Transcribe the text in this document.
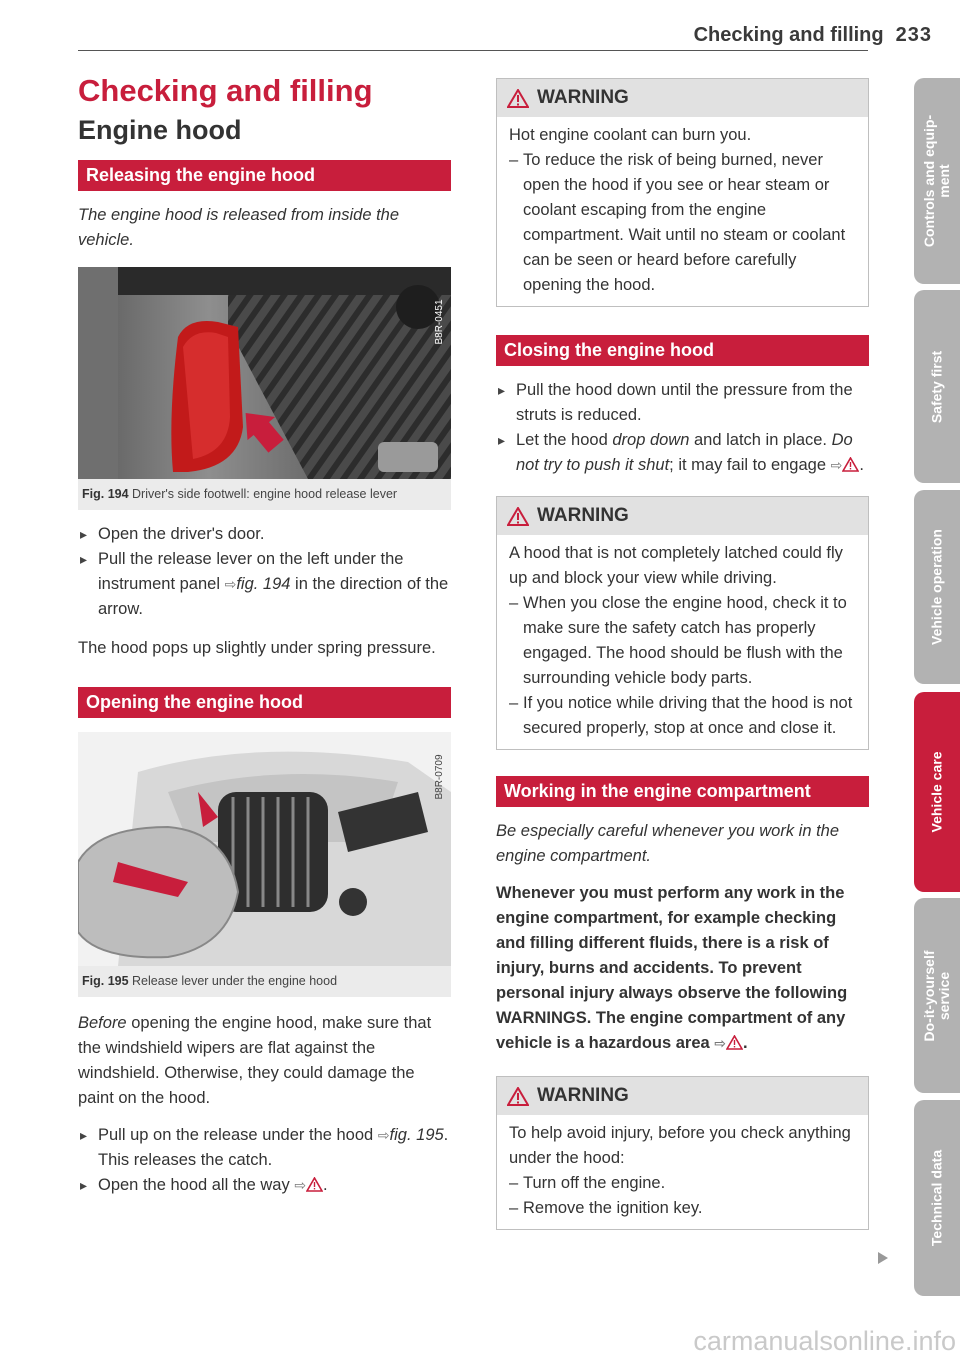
Checking and filling 233
Checking and filling
Engine hood
Releasing the engine hood
The engine hood is released from inside the vehicle.
B8R-0451
Fig. 194 Driver's side footwell: engine hood release lever
▸ Open the driver's door.
▸ Pull the release lever on the left under the instrument panel ⇨fig. 194 in the direction of the arrow.
The hood pops up slightly under spring pressure.
Opening the engine hood
B8R-0709
Fig. 195 Release lever under the engine hood
Before opening the engine hood, make sure that the windshield wipers are flat against the windshield. Otherwise, they could damage the paint on the hood.
▸ Pull up on the release under the hood ⇨fig. 195. This releases the catch.
▸ Open the hood all the way ⇨ .
WARNING
Hot engine coolant can burn you.
– To reduce the risk of being burned, never open the hood if you see or hear steam or coolant escaping from the engine compartment. Wait until no steam or coolant can be seen or heard before carefully opening the hood.
Closing the engine hood
▸ Pull the hood down until the pressure from the struts is reduced.
▸ Let the hood drop down and latch in place. Do not try to push it shut; it may fail to engage ⇨ .
WARNING
A hood that is not completely latched could fly up and block your view while driving.
– When you close the engine hood, check it to make sure the safety catch has properly engaged. The hood should be flush with the surrounding vehicle body parts.
– If you notice while driving that the hood is not secured properly, stop at once and close it.
Working in the engine compartment
Be especially careful whenever you work in the engine compartment.
Whenever you must perform any work in the engine compartment, for example checking and filling different fluids, there is a risk of injury, burns and accidents. To prevent personal injury always observe the following WARNINGS. The engine compartment of any vehicle is a hazardous area ⇨ .
WARNING
To help avoid injury, before you check anything under the hood:
– Turn off the engine.
– Remove the ignition key.
Controls and equip-
ment
Safety first
Vehicle operation
Vehicle care
Do-it-yourself
service
Technical data
carmanualsonline.info
